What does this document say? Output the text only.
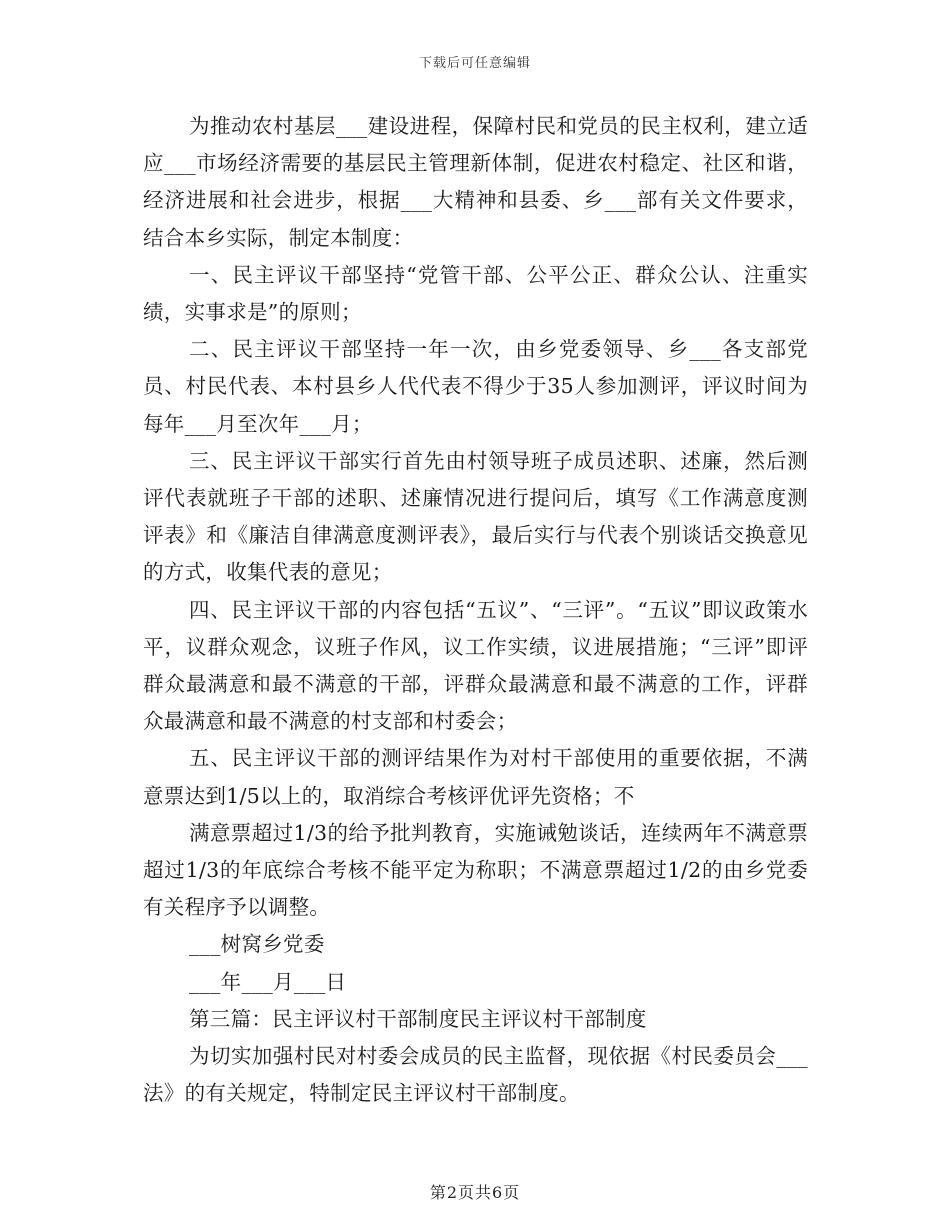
下载后可任意编辑

为推动农村基层___建设进程，保障村民和党员的民主权利，建立适应___市场经济需要的基层民主管理新体制，促进农村稳定、社区和谐，经济进展和社会进步，根据___大精神和县委、乡___部有关文件要求，结合本乡实际，制定本制度：

一、民主评议干部坚持“党管干部、公平公正、群众公认、注重实绩，实事求是”的原则；

二、民主评议干部坚持一年一次，由乡党委领导、乡___各支部党员、村民代表、本村县乡人代代表不得少于35人参加测评，评议时间为每年___月至次年___月；

三、民主评议干部实行首先由村领导班子成员述职、述廉，然后测评代表就班子干部的述职、述廉情况进行提问后，填写《工作满意度测评表》和《廉洁自律满意度测评表》，最后实行与代表个别谈话交换意见的方式，收集代表的意见；

四、民主评议干部的内容包括“五议”、“三评”。“五议”即议政策水平，议群众观念，议班子作风，议工作实绩，议进展措施；“三评”即评群众最满意和最不满意的干部，评群众最满意和最不满意的工作，评群众最满意和最不满意的村支部和村委会；

五、民主评议干部的测评结果作为对村干部使用的重要依据，不满意票达到1/5以上的，取消综合考核评优评先资格；不

满意票超过1/3的给予批判教育，实施诫勉谈话，连续两年不满意票超过1/3的年底综合考核不能平定为称职；不满意票超过1/2的由乡党委有关程序予以调整。

___树窝乡党委

___年___月___日

第三篇：民主评议村干部制度民主评议村干部制度

为切实加强村民对村委会成员的民主监督，现依据《村民委员会___法》的有关规定，特制定民主评议村干部制度。

第2页共6页
